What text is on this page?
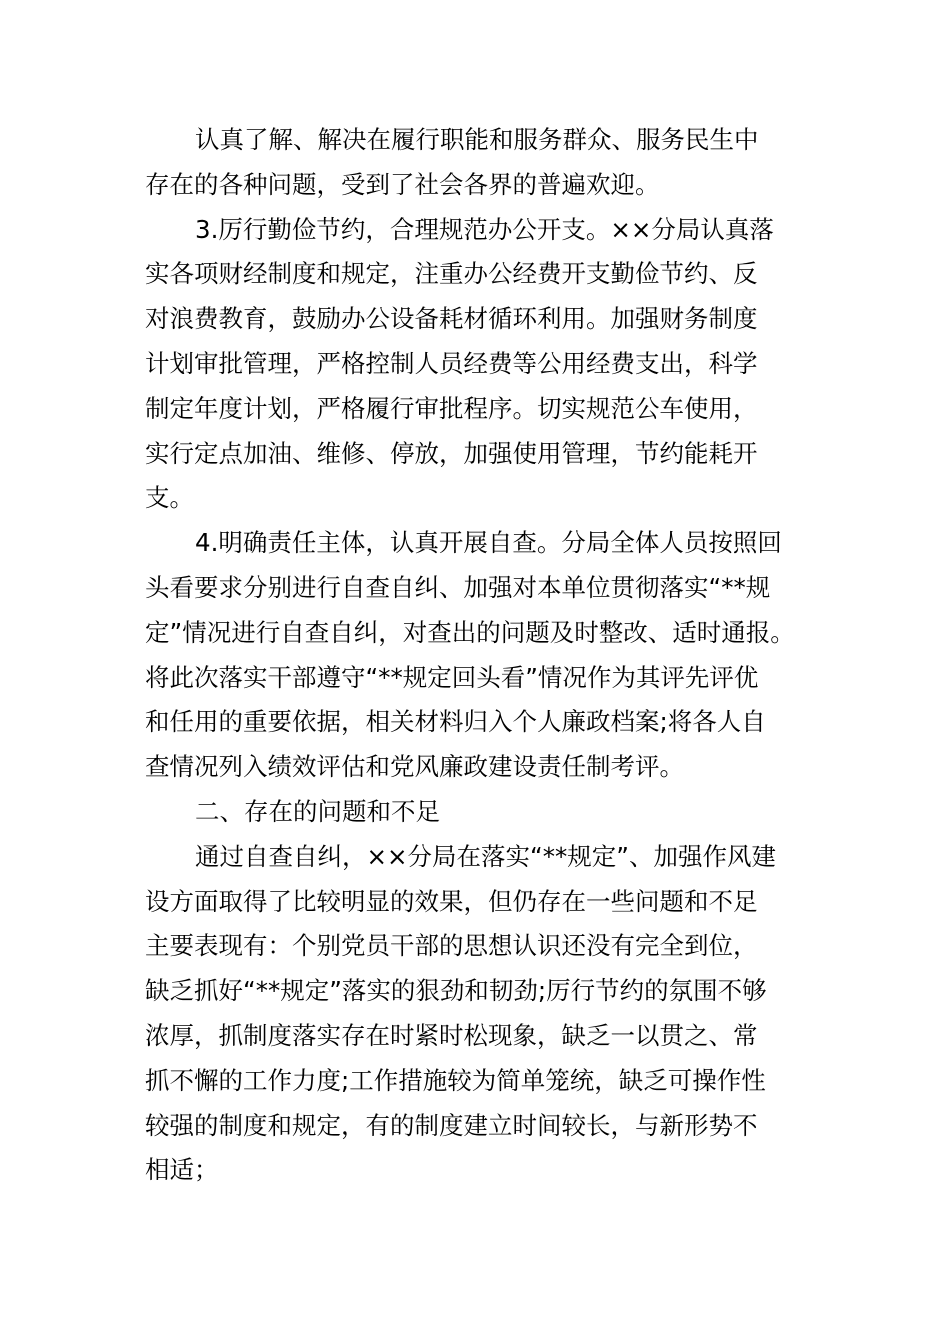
认真了解、解决在履行职能和服务群众、服务民生中
存在的各种问题，受到了社会各界的普遍欢迎。
3.厉行勤俭节约，合理规范办公开支。××分局认真落
实各项财经制度和规定，注重办公经费开支勤俭节约、反
对浪费教育，鼓励办公设备耗材循环利用。加强财务制度
计划审批管理，严格控制人员经费等公用经费支出，科学
制定年度计划，严格履行审批程序。切实规范公车使用，
实行定点加油、维修、停放，加强使用管理，节约能耗开
支。
4.明确责任主体，认真开展自查。分局全体人员按照回
头看要求分别进行自查自纠、加强对本单位贯彻落实“**规
定”情况进行自查自纠，对查出的问题及时整改、适时通报。
将此次落实干部遵守“**规定回头看”情况作为其评先评优
和任用的重要依据，相关材料归入个人廉政档案;将各人自
查情况列入绩效评估和党风廉政建设责任制考评。
二、存在的问题和不足
通过自查自纠，××分局在落实“**规定”、加强作风建
设方面取得了比较明显的效果，但仍存在一些问题和不足
主要表现有：个别党员干部的思想认识还没有完全到位，
缺乏抓好“**规定”落实的狠劲和韧劲;厉行节约的氛围不够
浓厚，抓制度落实存在时紧时松现象，缺乏一以贯之、常
抓不懈的工作力度;工作措施较为简单笼统，缺乏可操作性
较强的制度和规定，有的制度建立时间较长，与新形势不
相适；
